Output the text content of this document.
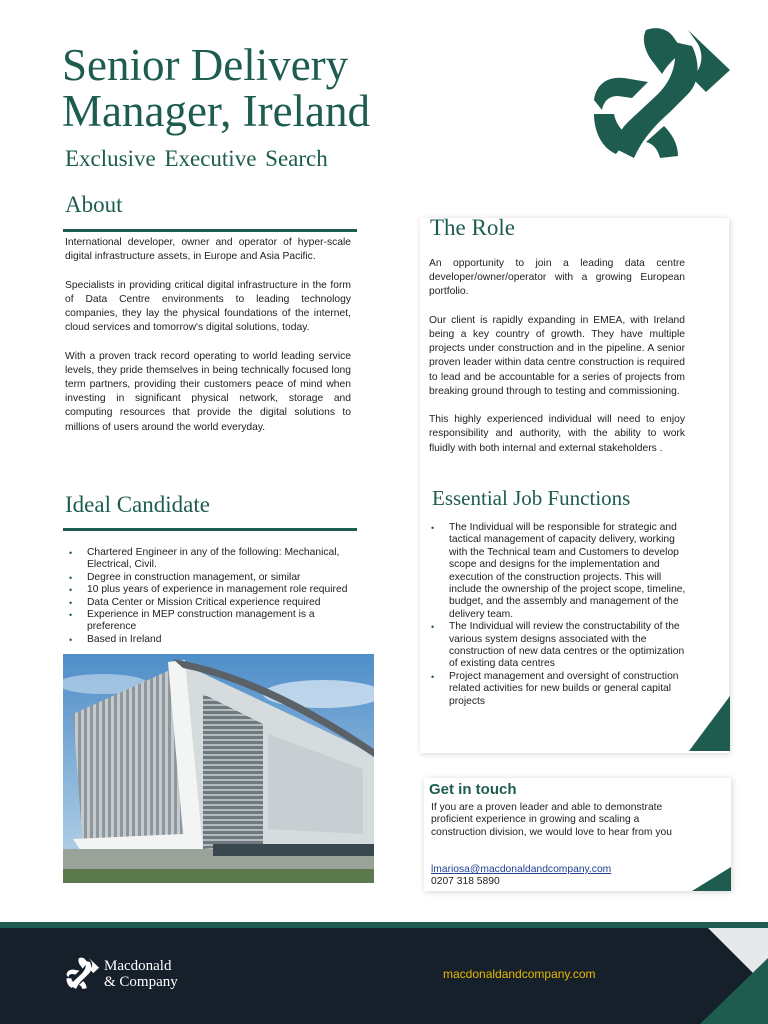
Senior Delivery
Manager, Ireland
Exclusive Executive Search
About

International developer, owner and operator of hyper-scale digital infrastructure assets, in Europe and Asia Pacific.

Specialists in providing critical digital infrastructure in the form of Data Centre environments to leading technology companies, they lay the physical foundations of the internet, cloud services and tomorrow's digital solutions, today.

With a proven track record operating to world leading service levels, they pride themselves in being technically focused long term partners, providing their customers peace of mind when investing in significant physical network, storage and computing resources that provide the digital solutions to millions of users around the world everyday.

Ideal Candidate
• Chartered Engineer in any of the following: Mechanical, Electrical, Civil.
• Degree in construction management, or similar
• 10 plus years of experience in management role required
• Data Center or Mission Critical experience required
• Experience in MEP construction management is a preference
• Based in Ireland
The Role

An opportunity to join a leading data centre developer/owner/operator with a growing European portfolio.

Our client is rapidly expanding in EMEA, with Ireland being a key country of growth. They have multiple projects under construction and in the pipeline. A senior proven leader within data centre construction is required to lead and be accountable for a series of projects from breaking ground through to testing and commissioning.

This highly experienced individual will need to enjoy responsibility and authority, with the ability to work fluidly with both internal and external stakeholders .

Essential Job Functions
• The Individual will be responsible for strategic and tactical management of capacity delivery, working with the Technical team and Customers to develop scope and designs for the implementation and execution of the construction projects. This will include the ownership of the project scope, timeline, budget, and the assembly and management of the delivery team.
• The Individual will review the constructability of the various system designs associated with the construction of new data centres or the optimization of existing data centres
• Project management and oversight of construction related activities for new builds or general capital projects
Get in touch
If you are a proven leader and able to demonstrate proficient experience in growing and scaling a construction division, we would love to hear from you
lmariosa@macdonaldandcompany.com
0207 318 5890
Macdonald
& Company	macdonaldandcompany.com
